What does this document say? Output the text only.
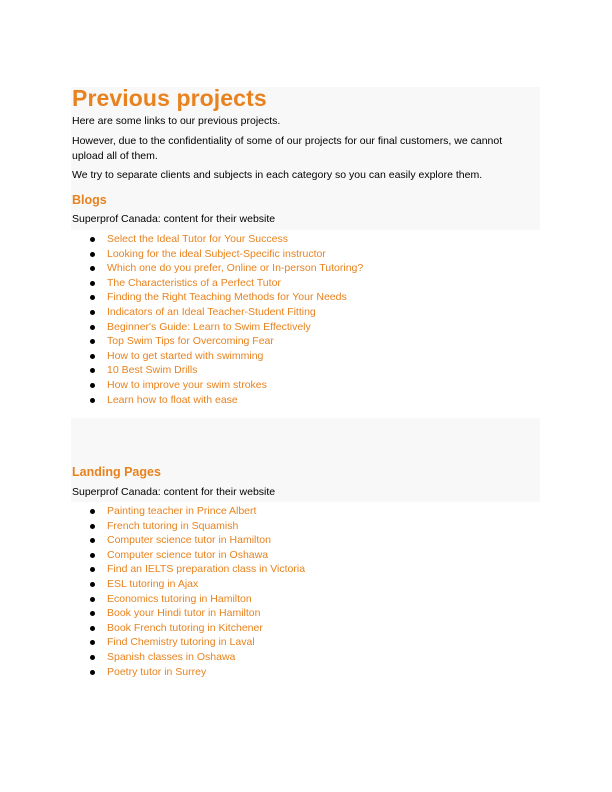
Previous projects
Here are some links to our previous projects.
However, due to the confidentiality of some of our projects for our final customers, we cannot
upload all of them.
We try to separate clients and subjects in each category so you can easily explore them.
Blogs
Superprof Canada: content for their website
Select the Ideal Tutor for Your Success
Looking for the ideal Subject-Specific instructor
Which one do you prefer, Online or In-person Tutoring?
The Characteristics of a Perfect Tutor
Finding the Right Teaching Methods for Your Needs
Indicators of an Ideal Teacher-Student Fitting
Beginner's Guide: Learn to Swim Effectively
Top Swim Tips for Overcoming Fear
How to get started with swimming
10 Best Swim Drills
How to improve your swim strokes
Learn how to float with ease
Landing Pages
Superprof Canada: content for their website
Painting teacher in Prince Albert
French tutoring in Squamish
Computer science tutor in Hamilton
Computer science tutor in Oshawa
Find an IELTS preparation class in Victoria
ESL tutoring in Ajax
Economics tutoring in Hamilton
Book your Hindi tutor in Hamilton
Book French tutoring in Kitchener
Find Chemistry tutoring in Laval
Spanish classes in Oshawa
Poetry tutor in Surrey
